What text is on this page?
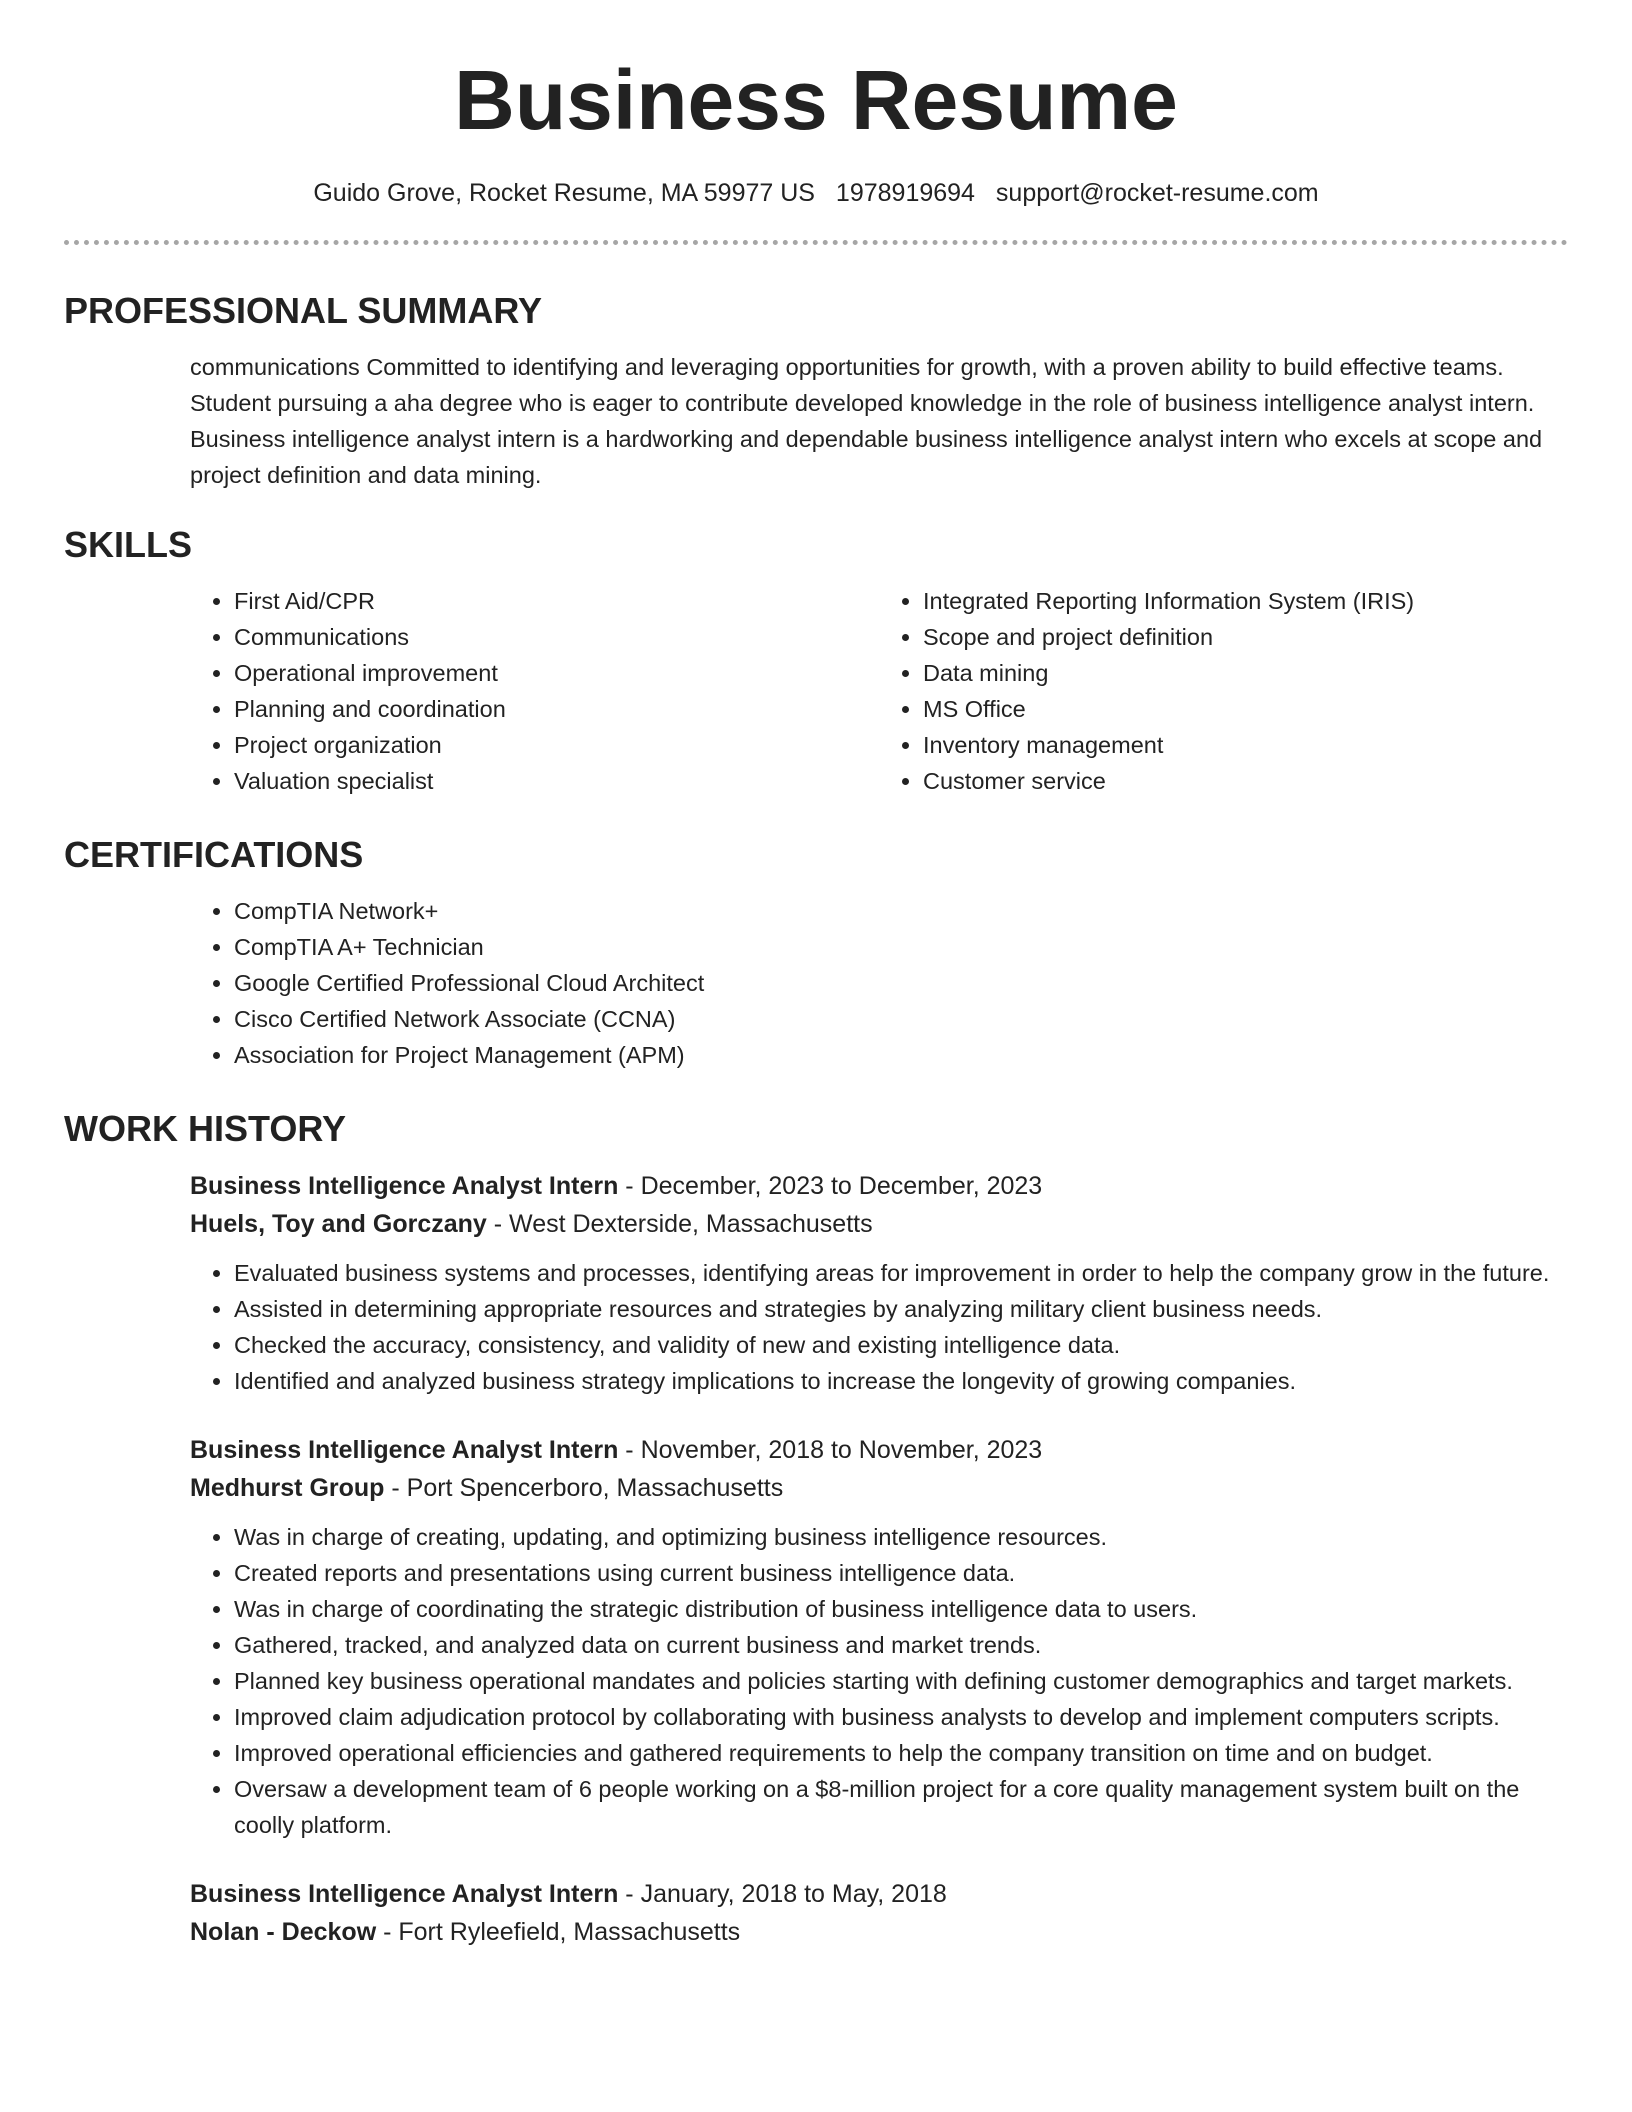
Business Resume
Guido Grove, Rocket Resume, MA 59977 US 1978919694 support@rocket-resume.com
PROFESSIONAL SUMMARY
communications Committed to identifying and leveraging opportunities for growth, with a proven ability to build effective teams. Student pursuing a aha degree who is eager to contribute developed knowledge in the role of business intelligence analyst intern. Business intelligence analyst intern is a hardworking and dependable business intelligence analyst intern who excels at scope and project definition and data mining.
SKILLS
• First Aid/CPR
• Communications
• Operational improvement
• Planning and coordination
• Project organization
• Valuation specialist
• Integrated Reporting Information System (IRIS)
• Scope and project definition
• Data mining
• MS Office
• Inventory management
• Customer service
CERTIFICATIONS
• CompTIA Network+
• CompTIA A+ Technician
• Google Certified Professional Cloud Architect
• Cisco Certified Network Associate (CCNA)
• Association for Project Management (APM)
WORK HISTORY
Business Intelligence Analyst Intern - December, 2023 to December, 2023
Huels, Toy and Gorczany - West Dexterside, Massachusetts
• Evaluated business systems and processes, identifying areas for improvement in order to help the company grow in the future.
• Assisted in determining appropriate resources and strategies by analyzing military client business needs.
• Checked the accuracy, consistency, and validity of new and existing intelligence data.
• Identified and analyzed business strategy implications to increase the longevity of growing companies.
Business Intelligence Analyst Intern - November, 2018 to November, 2023
Medhurst Group - Port Spencerboro, Massachusetts
• Was in charge of creating, updating, and optimizing business intelligence resources.
• Created reports and presentations using current business intelligence data.
• Was in charge of coordinating the strategic distribution of business intelligence data to users.
• Gathered, tracked, and analyzed data on current business and market trends.
• Planned key business operational mandates and policies starting with defining customer demographics and target markets.
• Improved claim adjudication protocol by collaborating with business analysts to develop and implement computers scripts.
• Improved operational efficiencies and gathered requirements to help the company transition on time and on budget.
• Oversaw a development team of 6 people working on a $8-million project for a core quality management system built on the coolly platform.
Business Intelligence Analyst Intern - January, 2018 to May, 2018
Nolan - Deckow - Fort Ryleefield, Massachusetts
